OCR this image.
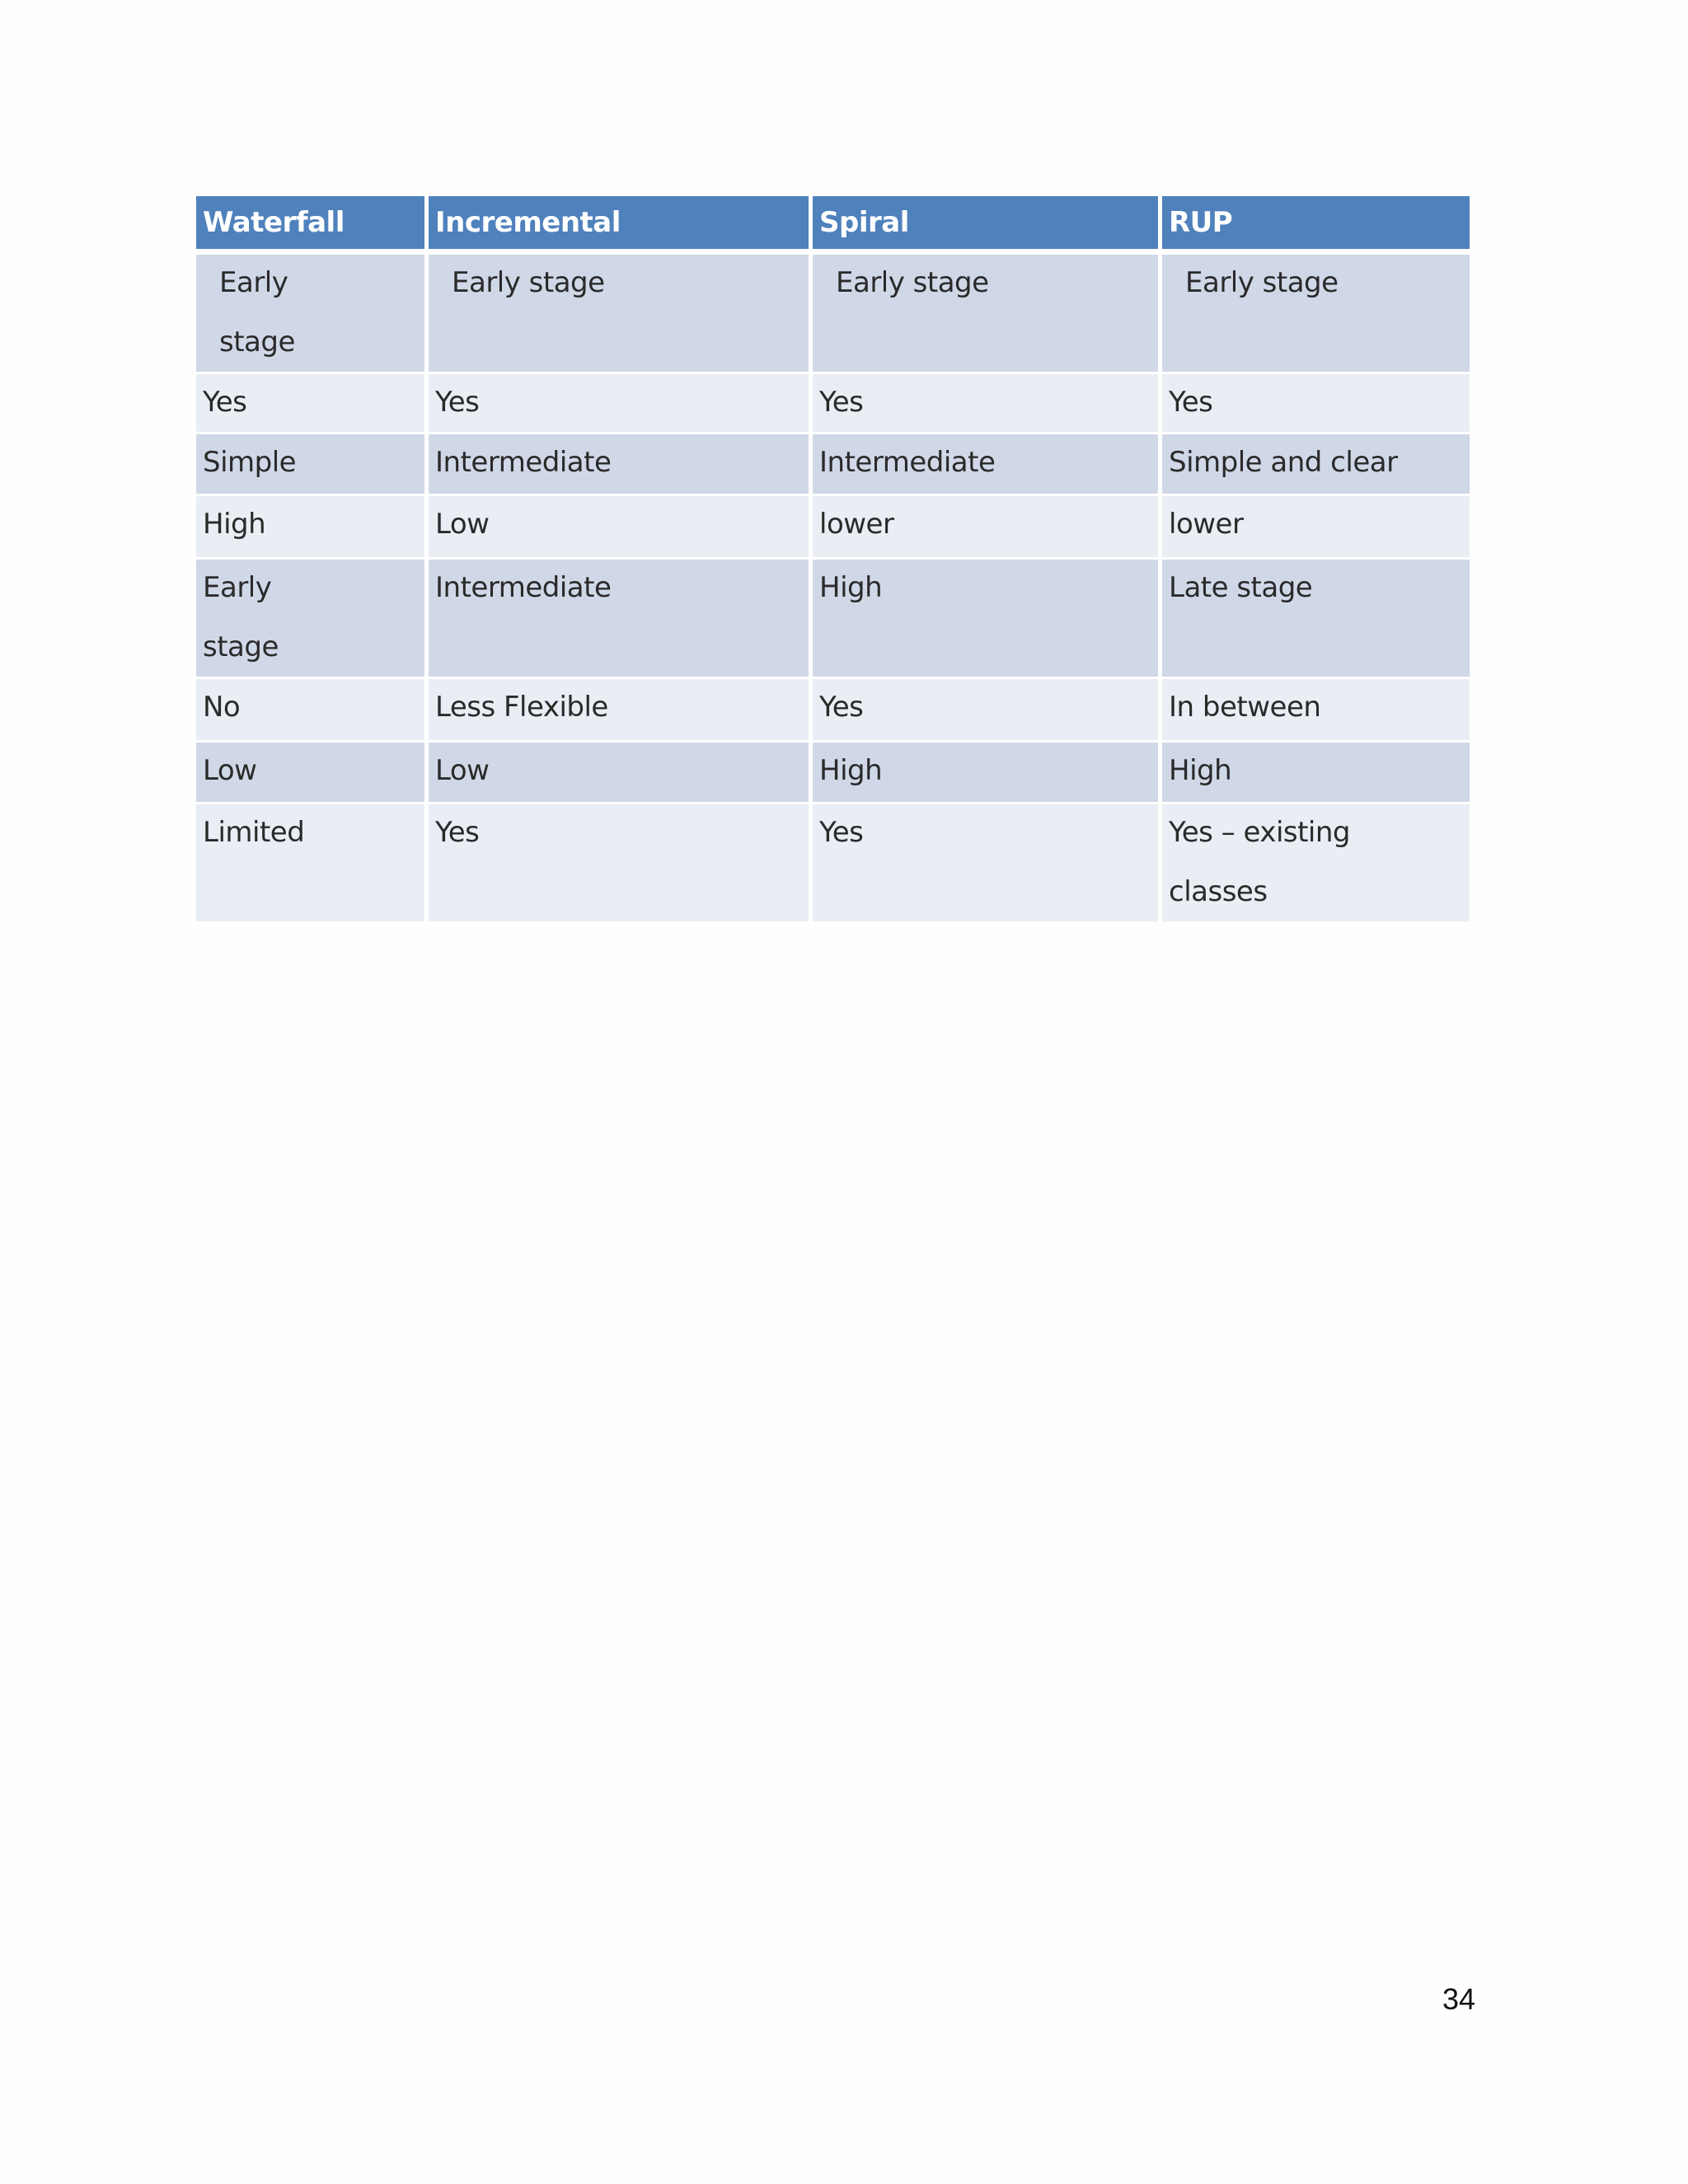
Waterfall	Incremental	Spiral	RUP

Early stage	Early stage	Early stage	Early stage

Yes	Yes	Yes	Yes

Simple	Intermediate	Intermediate	Simple and clear

High	Low	lower	lower

Early stage	Intermediate	High	Late stage

No	Less Flexible	Yes	In between

Low	Low	High	High

Limited	Yes	Yes	Yes – existing classes
34
